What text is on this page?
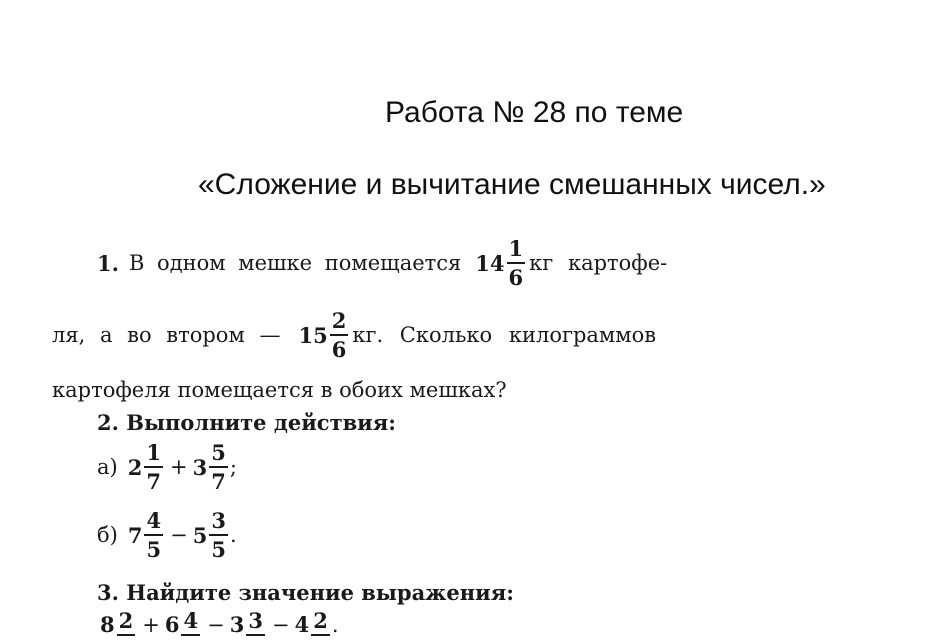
Работа № 28 по теме
«Сложение и вычитание смешанных чисел.»
1. В одном мешке помещается $14 \frac{1}{6}$ кг картофе-
ля, а во втором — $15 \frac{2}{6}$ кг. Сколько килограммов
картофеля помещается в обоих мешках?
2. Выполните действия:
а) $2 \frac{1}{7} + 3 \frac{5}{7}$ ;
б) $7 \frac{4}{5} - 5 \frac{3}{5}$ .
3. Найдите значение выражения:
8 2 + 6 4 − 3 3 − 4 2 .
